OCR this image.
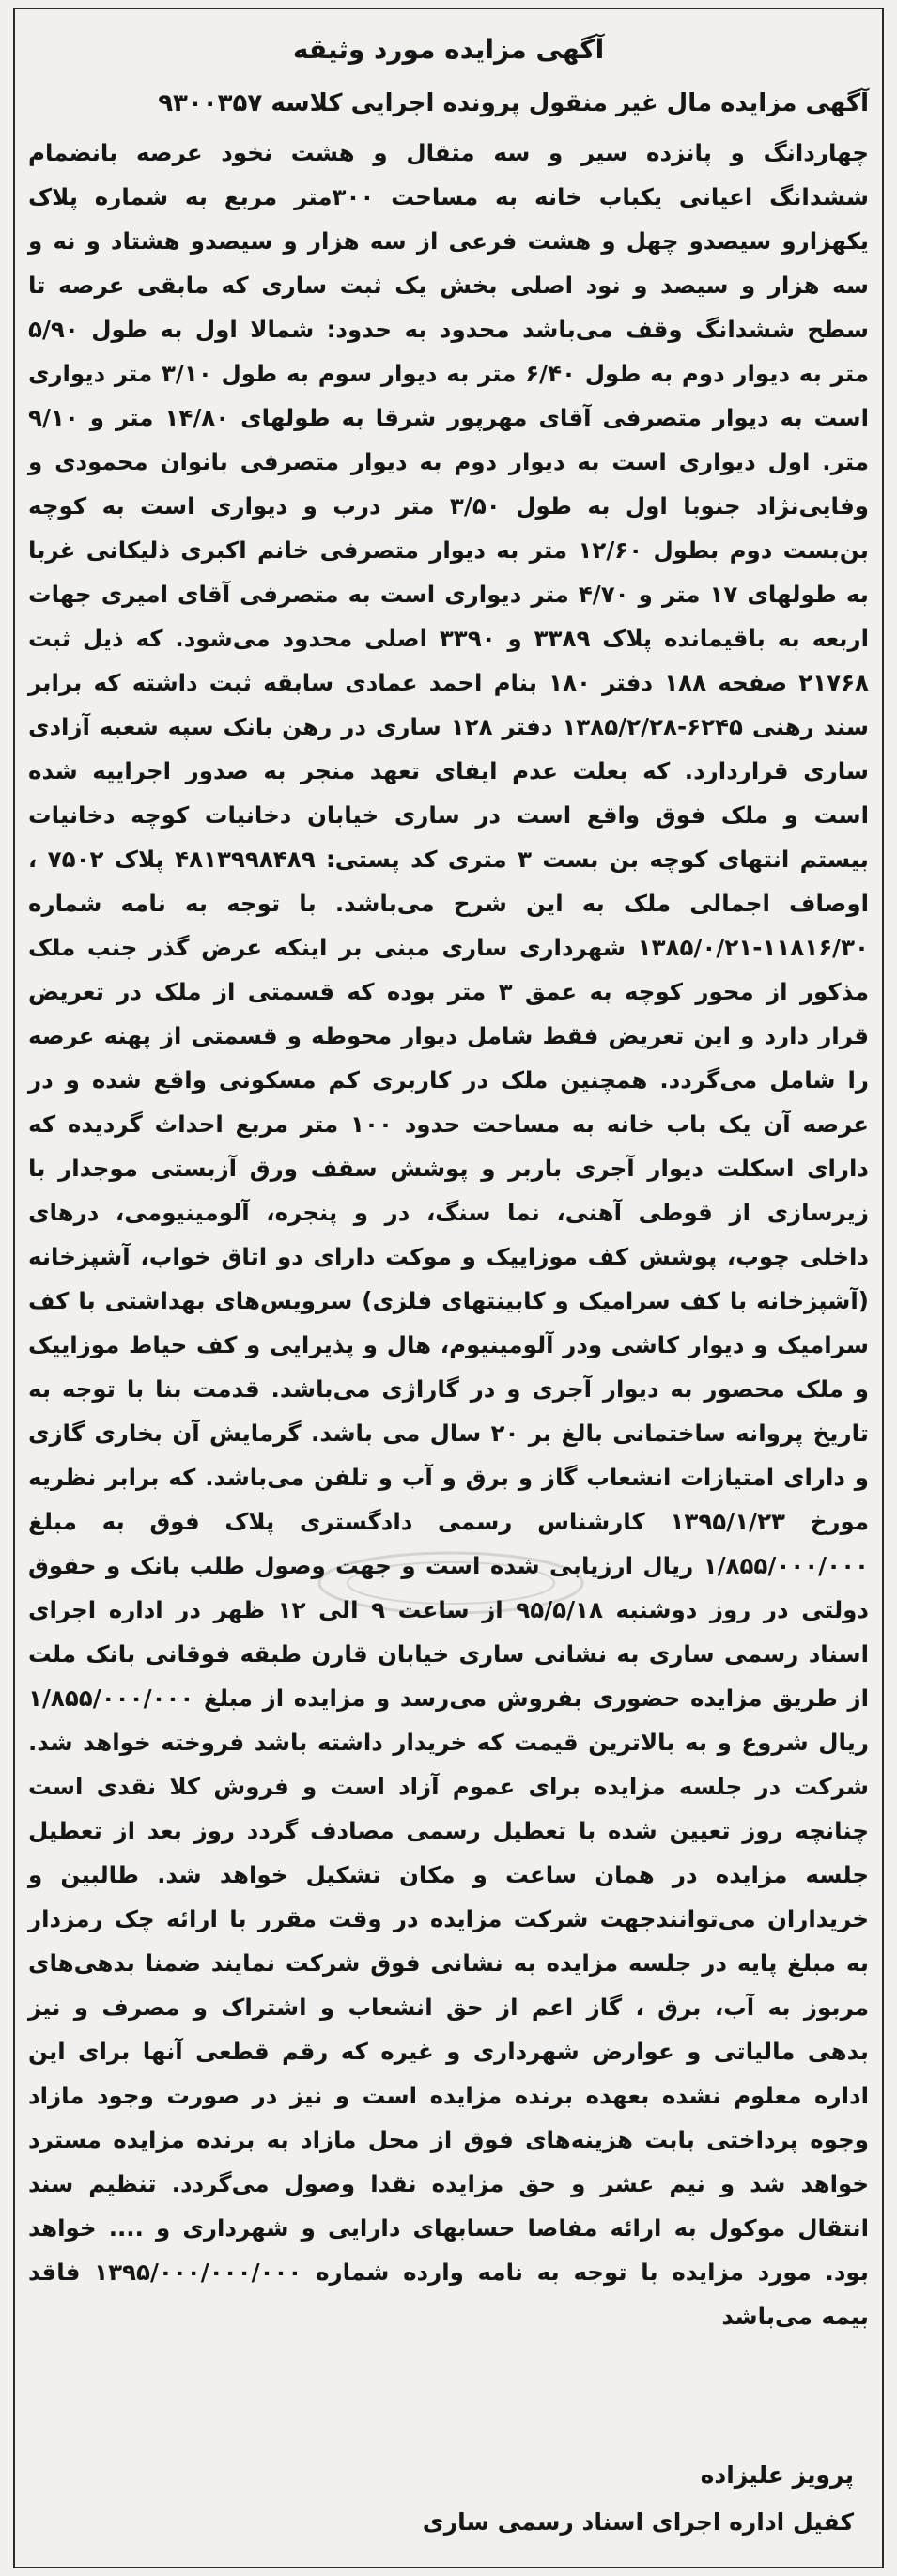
آگهی مزایده مورد وثیقه
آگهی مزایده مال غیر منقول پرونده اجرایی کلاسه ۹۳۰۰۳۵۷
چهاردانگ و پانزده سیر و سه مثقال و هشت نخود عرصه بانضمام ششدانگ اعیانی یکباب خانه به مساحت ۳۰۰متر مربع به شماره پلاک یکهزارو سیصدو چهل و هشت فرعی از سه هزار و سیصدو هشتاد و نه و سه هزار و سیصد و نود اصلی بخش یک ثبت ساری که مابقی عرصه تا سطح ششدانگ وقف می‌باشد محدود به حدود: شمالا اول به طول ۵/۹۰ متر به دیوار دوم به طول ۶/۴۰ متر به دیوار سوم به طول ۳/۱۰ متر دیواری است به دیوار متصرفی آقای مهرپور شرقا به طولهای ۱۴/۸۰ متر و ۹/۱۰ متر. اول دیواری است به دیوار دوم به دیوار متصرفی بانوان محمودی و وفایی‌نژاد جنوبا اول به طول ۳/۵۰ متر درب و دیواری است به کوچه بن‌بست دوم بطول ۱۲/۶۰ متر به دیوار متصرفی خانم اکبری ذلیکانی غربا به طولهای ۱۷ متر و ۴/۷۰ متر دیواری است به متصرفی آقای امیری جهات اربعه به باقیمانده پلاک ۳۳۸۹ و ۳۳۹۰ اصلی محدود می‌شود. که ذیل ثبت ۲۱۷۶۸ صفحه ۱۸۸ دفتر ۱۸۰ بنام احمد عمادی سابقه ثبت داشته که برابر سند رهنی ۶۲۴۵-۱۳۸۵/۲/۲۸ دفتر ۱۲۸ ساری در رهن بانک سپه شعبه آزادی ساری قراردارد. که بعلت عدم ایفای تعهد منجر به صدور اجراییه شده است و ملک فوق واقع است در ساری خیابان دخانیات کوچه دخانیات بیستم انتهای کوچه بن بست ۳ متری کد پستی: ۴۸۱۳۹۹۸۴۸۹ پلاک ۷۵۰۲ ، اوصاف اجمالی ملک به این شرح می‌باشد. با توجه به نامه شماره ۱۱۸۱۶/۳۰-۱۳۸۵/۰/۲۱ شهرداری ساری مبنی بر اینکه عرض گذر جنب ملک مذکور از محور کوچه به عمق ۳ متر بوده که قسمتی از ملک در تعریض قرار دارد و این تعریض فقط شامل دیوار محوطه و قسمتی از پهنه عرصه را شامل می‌گردد. همچنین ملک در کاربری کم مسکونی واقع شده و در عرصه آن یک باب خانه به مساحت حدود ۱۰۰ متر مربع احداث گردیده که دارای اسکلت دیوار آجری باربر و پوشش سقف ورق آزبستی موجدار با زیرسازی از قوطی آهنی، نما سنگ، در و پنجره، آلومینیومی، درهای داخلی چوب، پوشش کف موزاییک و موکت دارای دو اتاق خواب، آشپزخانه (آشپزخانه با کف سرامیک و کابینتهای فلزی) سرویس‌های بهداشتی با کف سرامیک و دیوار کاشی ودر آلومینیوم، هال و پذیرایی و کف حیاط موزاییک و ملک محصور به دیوار آجری و در گاراژی می‌باشد. قدمت بنا با توجه به تاریخ پروانه ساختمانی بالغ بر ۲۰ سال می باشد. گرمایش آن بخاری گازی و دارای امتیازات انشعاب گاز و برق و آب و تلفن می‌باشد. که برابر نظریه مورخ ۱۳۹۵/۱/۲۳ کارشناس رسمی دادگستری پلاک فوق به مبلغ ۱/۸۵۵/۰۰۰/۰۰۰ ریال ارزیابی شده است و جهت وصول طلب بانک و حقوق دولتی در روز دوشنبه ۹۵/۵/۱۸ از ساعت ۹ الی ۱۲ ظهر در اداره اجرای اسناد رسمی ساری به نشانی ساری خیابان قارن طبقه فوقانی بانک ملت از طریق مزایده حضوری بفروش می‌رسد و مزایده از مبلغ ۱/۸۵۵/۰۰۰/۰۰۰ ریال شروع و به بالاترین قیمت که خریدار داشته باشد فروخته خواهد شد. شرکت در جلسه مزایده برای عموم آزاد است و فروش کلا نقدی است چنانچه روز تعیین شده با تعطیل رسمی مصادف گردد روز بعد از تعطیل جلسه مزایده در همان ساعت و مکان تشکیل خواهد شد. طالبین و خریداران می‌توانندجهت شرکت مزایده در وقت مقرر با ارائه چک رمزدار به مبلغ پایه در جلسه مزایده به نشانی فوق شرکت نمایند ضمنا بدهی‌های مربوز به آب، برق ، گاز اعم از حق انشعاب و اشتراک و مصرف و نیز بدهی مالیاتی و عوارض شهرداری و غیره که رقم قطعی آنها برای این اداره معلوم نشده بعهده برنده مزایده است و نیز در صورت وجود مازاد وجوه پرداختی بابت هزینه‌های فوق از محل مازاد به برنده مزایده مسترد خواهد شد و نیم عشر و حق مزایده نقدا وصول می‌گردد. تنظیم سند انتقال موکول به ارائه مفاصا حسابهای دارایی و شهرداری و .... خواهد بود. مورد مزایده با توجه به نامه وارده شماره ۱۳۹۵/۰۰۰/۰۰۰/۰۰۰ فاقد بیمه می‌باشد
پرویز علیزاده
کفیل اداره اجرای اسناد رسمی ساری
